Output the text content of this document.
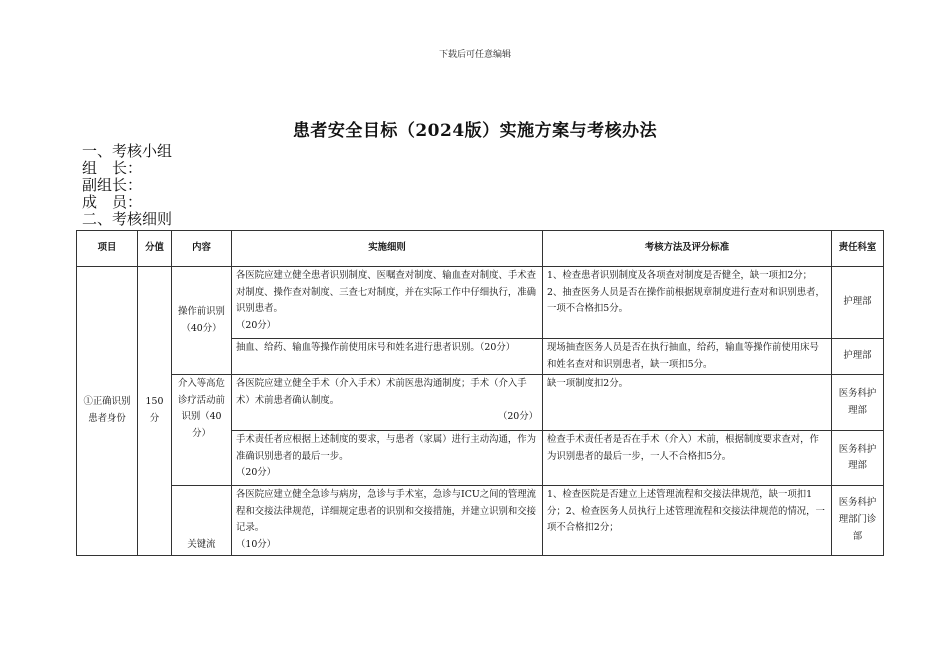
下载后可任意编辑
患者安全目标（2024版）实施方案与考核办法
一、考核小组
组　长：
副组长：
成　员：
二、考核细则
项目	分值	内容	实施细则	考核方法及评分标准	责任科室
①正确识别患者身份	150分	操作前识别（40分）	各医院应建立健全患者识别制度、医嘱查对制度、输血查对制度、手术查对制度、操作查对制度、三查七对制度，并在实际工作中仔细执行，准确识别患者。
（20分）	1、检查患者识别制度及各项查对制度是否健全，缺一项扣2分；2、抽查医务人员是否在操作前根据规章制度进行查对和识别患者，一项不合格扣5分。	护理部
			抽血、给药、输血等操作前使用床号和姓名进行患者识别。（20分）	现场抽查医务人员是否在执行抽血，给药，输血等操作前使用床号和姓名查对和识别患者，缺一项扣5分。	护理部
		介入等高危诊疗活动前识别（40分）	各医院应建立健全手术（介入手术）术前医患沟通制度；手术（介入手术）术前患者确认制度。
（20分）	缺一项制度扣2分。	医务科护理部
			手术责任者应根据上述制度的要求，与患者（家属）进行主动沟通，作为准确识别患者的最后一步。
（20分）	检查手术责任者是否在手术（介入）术前，根据制度要求查对，作为识别患者的最后一步，一人不合格扣5分。	医务科护理部
		关键流	各医院应建立健全急诊与病房，急诊与手术室，急诊与ICU之间的管理流程和交接法律规范，详细规定患者的识别和交接措施，并建立识别和交接记录。
（10分）	1、检查医院是否建立上述管理流程和交接法律规范，缺一项扣1分；2、检查医务人员执行上述管理流程和交接法律规范的情况，一项不合格扣2分；	医务科护理部门诊部
